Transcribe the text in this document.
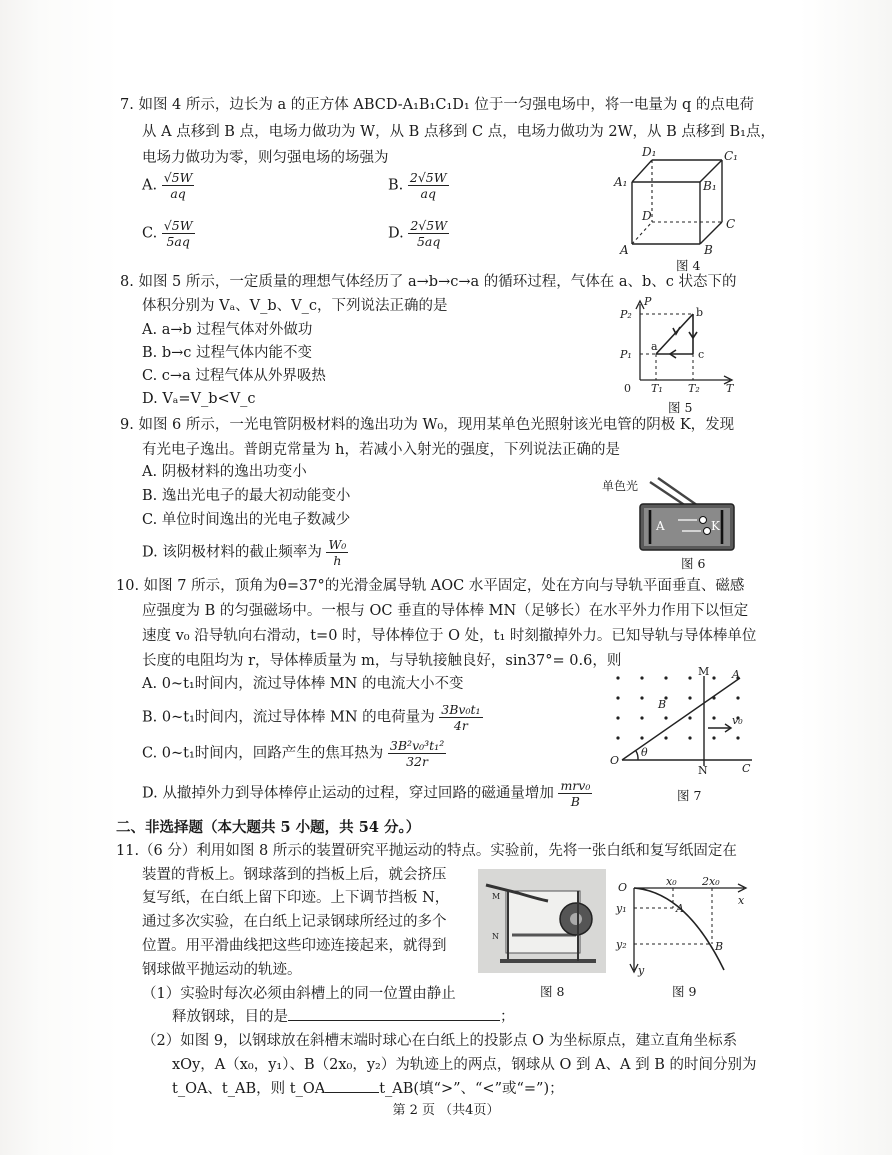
7. 如图 4 所示，边长为 a 的正方体 ABCD-A₁B₁C₁D₁ 位于一匀强电场中，将一电量为 q 的点电荷
从 A 点移到 B 点，电场力做功为 W，从 B 点移到 C 点，电场力做功为 2W，从 B 点移到 B₁点，
电场力做功为零，则匀强电场的场强为
A. $\frac{√5W}{aq}$	B. $\frac{2√5W}{aq}$
C. $\frac{√5W}{5aq}$	D. $\frac{2√5W}{5aq}$
D₁	C₁
A₁	B₁
D
C
A	B
图 4
8. 如图 5 所示，一定质量的理想气体经历了 a→b→c→a 的循环过程，气体在 a、b、c 状态下的
体积分别为 Vₐ、V_b、V_c，下列说法正确的是
A. a→b 过程气体对外做功
B. b→c 过程气体内能不变
C. c→a 过程气体从外界吸热
D. Vₐ=V_b<V_c
P
P₂
P₁
0 T₁ T₂ T
a
b
c
图 5
9. 如图 6 所示，一光电管阴极材料的逸出功为 W₀，现用某单色光照射该光电管的阴极 K，发现
有光电子逸出。普朗克常量为 h，若减小入射光的强度，下列说法正确的是
A. 阴极材料的逸出功变小
B. 逸出光电子的最大初动能变小
C. 单位时间逸出的光电子数减少
D. 该阴极材料的截止频率为 $\frac{\text{W₀}}{h}$
单色光
A	K
图 6
10. 如图 7 所示，顶角为θ=37°的光滑金属导轨 AOC 水平固定，处在方向与导轨平面垂直、磁感
应强度为 B 的匀强磁场中。一根与 OC 垂直的导体棒 MN（足够长）在水平外力作用下以恒定
速度 v₀ 沿导轨向右滑动，t=0 时，导体棒位于 O 处，t₁ 时刻撤掉外力。已知导轨与导体棒单位
长度的电阻均为 r，导体棒质量为 m，与导轨接触良好，sin37°= 0.6，则
A. 0~t₁时间内，流过导体棒 MN 的电流大小不变
B. 0~t₁时间内，流过导体棒 MN 的电荷量为 $\frac{\text{3Bv₀t₁}}{4r}$
C. 0~t₁时间内，回路产生的焦耳热为 $\frac{\text{3B²v₀³t₁²}}{32r}$
D. 从撤掉外力到导体棒停止运动的过程，穿过回路的磁通量增加 $\frac{\text{mrv₀}}{B}$
M A
B
v₀
θ
O
N	C
图 7
二、非选择题（本大题共 5 小题，共 54 分。）
11.（6 分）利用如图 8 所示的装置研究平抛运动的特点。实验前，先将一张白纸和复写纸固定在
装置的背板上。钢球落到的挡板上后，就会挤压
复写纸，在白纸上留下印迹。上下调节挡板 N，
通过多次实验，在白纸上记录钢球所经过的多个
位置。用平滑曲线把这些印迹连接起来，就得到
钢球做平抛运动的轨迹。
（1）实验时每次必须由斜槽上的同一位置由静止
释放钢球，目的是	；
（2）如图 9，以钢球放在斜槽末端时球心在白纸上的投影点 O 为坐标原点，建立直角坐标系
xOy，A（x₀，y₁）、B（2x₀，y₂）为轨迹上的两点，钢球从 O 到 A、A 到 B 的时间分别为
t_OA、t_AB，则 t_OA	t_AB(填“>”、“<”或“=”)；
M
N
图 8
O	x₀ 2x₀
x
y₁	A
y₂	B
y
图 9
第 2 页 （共4页）
